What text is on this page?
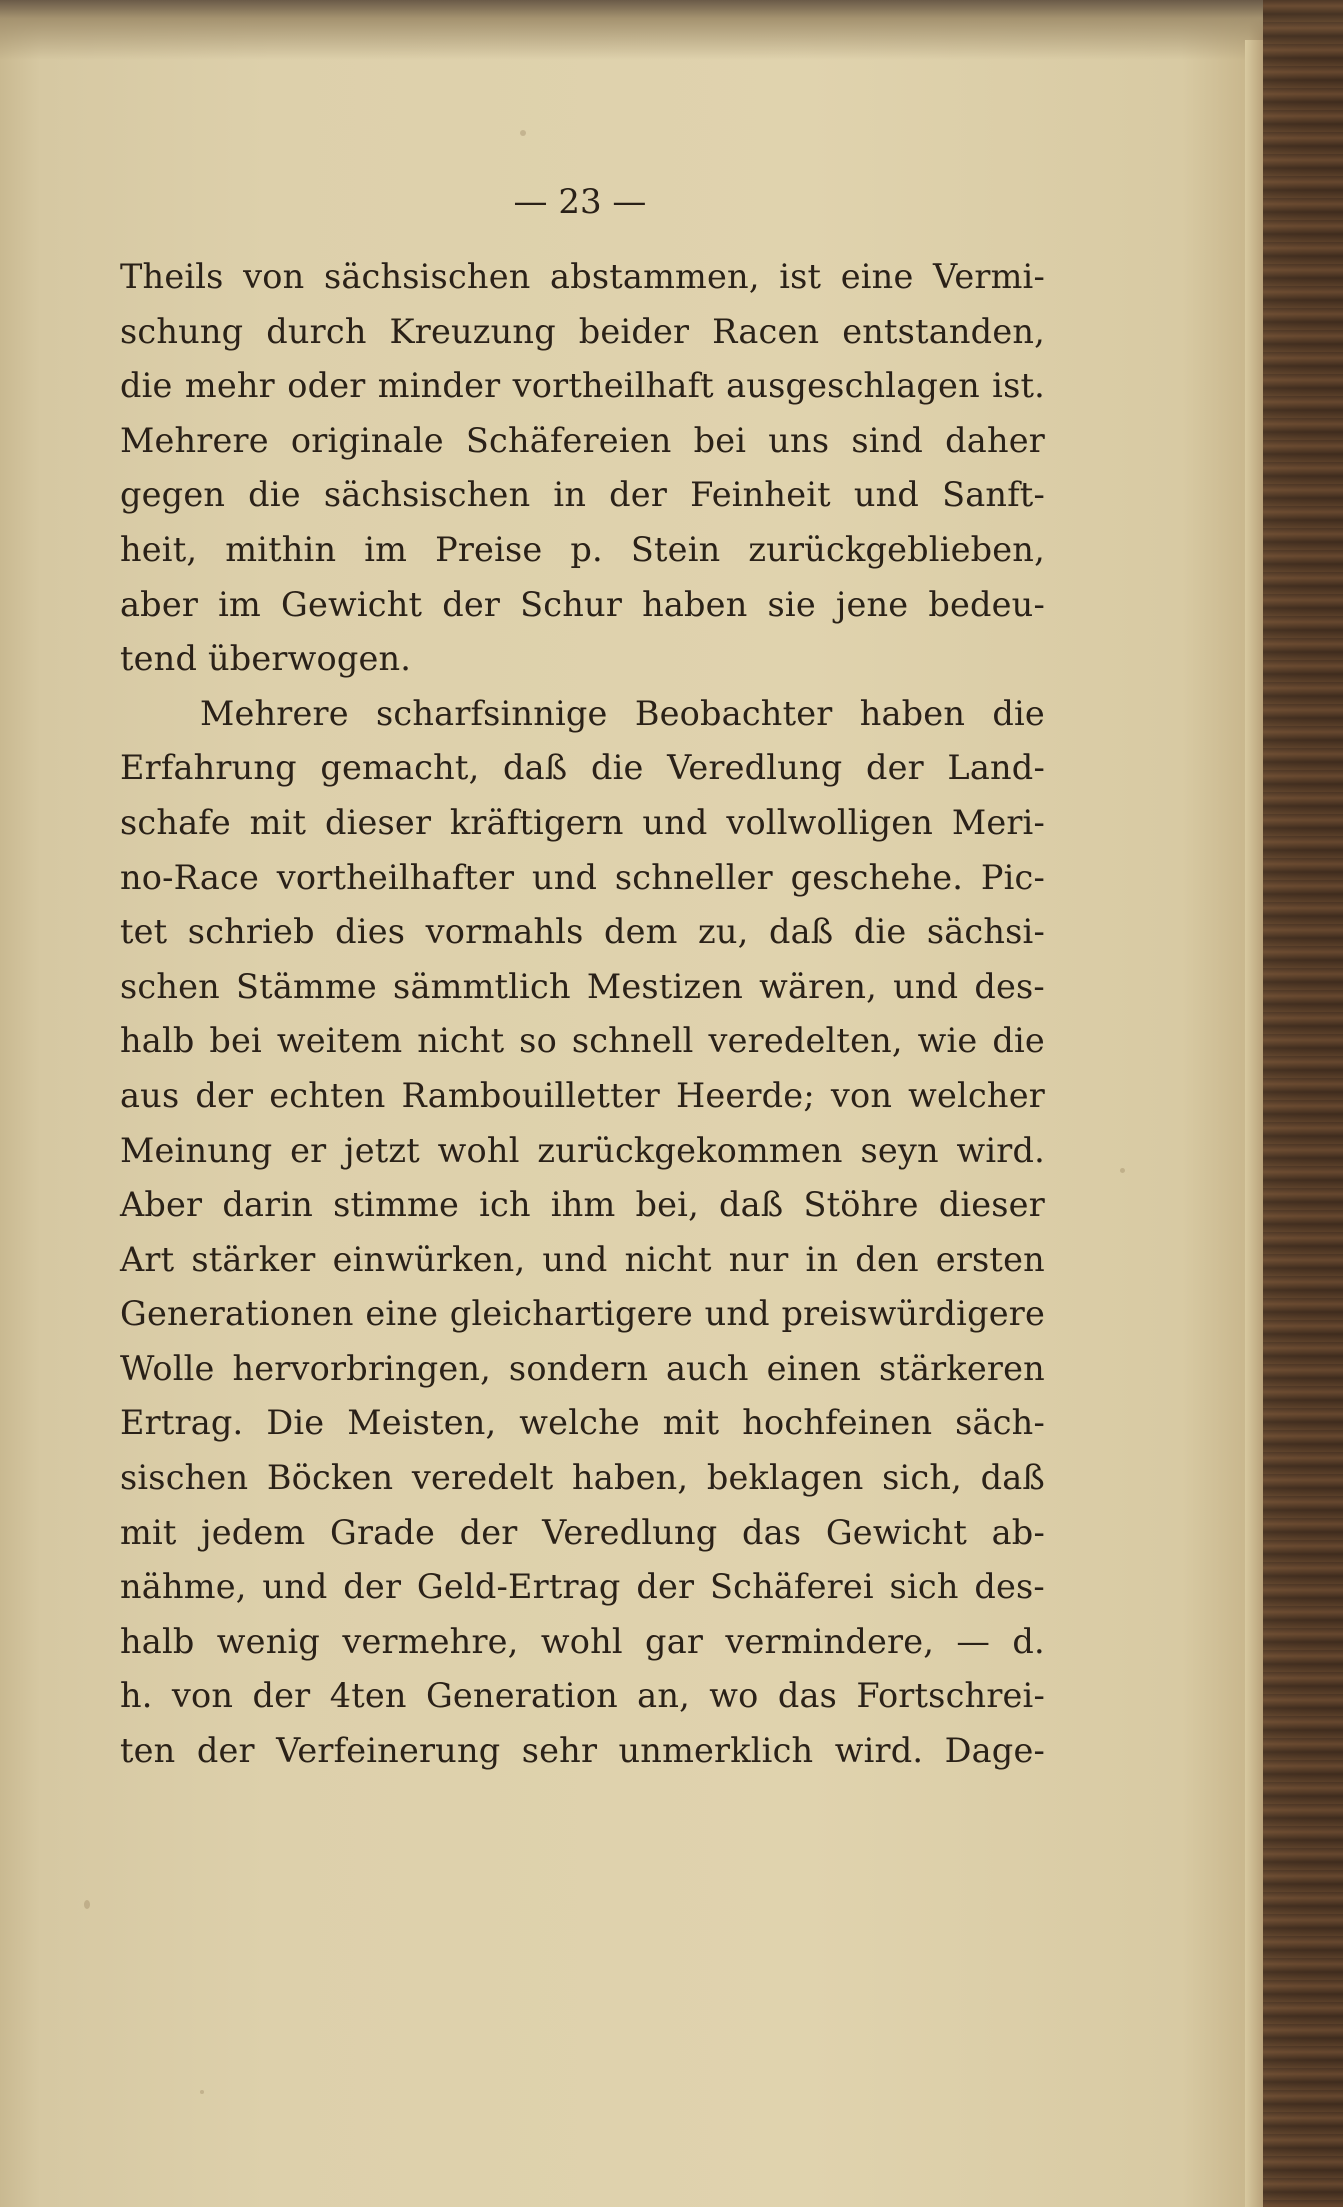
— 23 —
Theils von sächsischen abstammen, ist eine Vermi-
schung durch Kreuzung beider Racen entstanden,
die mehr oder minder vortheilhaft ausgeschlagen ist.
Mehrere originale Schäfereien bei uns sind daher
gegen die sächsischen in der Feinheit und Sanft-
heit, mithin im Preise p. Stein zurückgeblieben,
aber im Gewicht der Schur haben sie jene bedeu-
tend überwogen.
Mehrere scharfsinnige Beobachter haben die
Erfahrung gemacht, daß die Veredlung der Land-
schafe mit dieser kräftigern und vollwolligen Meri-
no-Race vortheilhafter und schneller geschehe. Pic-
tet schrieb dies vormahls dem zu, daß die sächsi-
schen Stämme sämmtlich Mestizen wären, und des-
halb bei weitem nicht so schnell veredelten, wie die
aus der echten Rambouilletter Heerde; von welcher
Meinung er jetzt wohl zurückgekommen seyn wird.
Aber darin stimme ich ihm bei, daß Stöhre dieser
Art stärker einwürken, und nicht nur in den ersten
Generationen eine gleichartigere und preiswürdigere
Wolle hervorbringen, sondern auch einen stärkeren
Ertrag. Die Meisten, welche mit hochfeinen säch-
sischen Böcken veredelt haben, beklagen sich, daß
mit jedem Grade der Veredlung das Gewicht ab-
nähme, und der Geld-Ertrag der Schäferei sich des-
halb wenig vermehre, wohl gar vermindere, — d.
h. von der 4ten Generation an, wo das Fortschrei-
ten der Verfeinerung sehr unmerklich wird. Dage-
